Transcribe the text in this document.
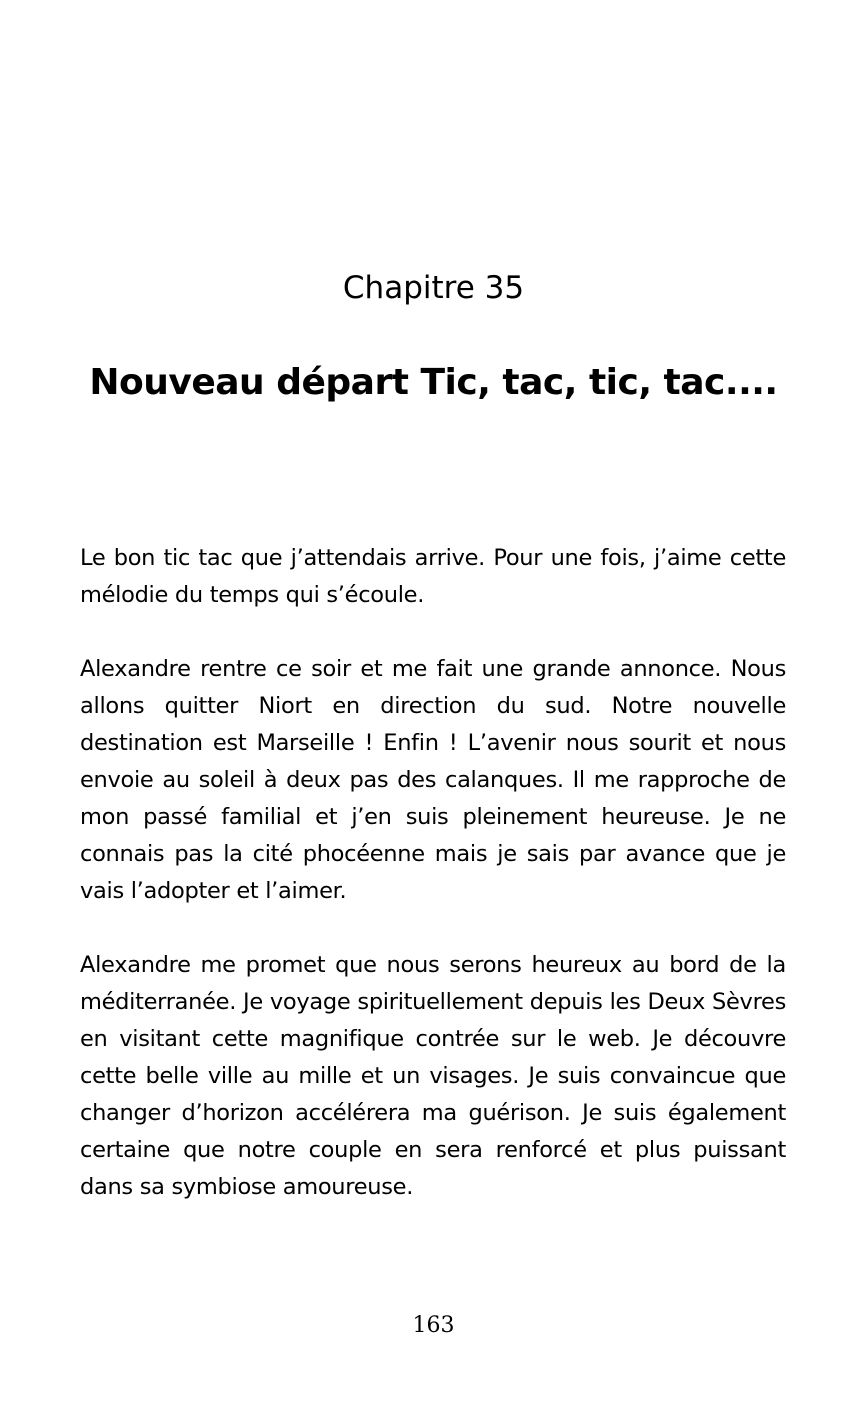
Chapitre 35
Nouveau départ Tic, tac, tic, tac....

Le bon tic tac que j’attendais arrive. Pour une fois, j’aime cette mélodie du temps qui s’écoule.

Alexandre rentre ce soir et me fait une grande annonce. Nous allons quitter Niort en direction du sud. Notre nouvelle destination est Marseille ! Enfin ! L’avenir nous sourit et nous envoie au soleil à deux pas des calanques. Il me rapproche de mon passé familial et j’en suis pleinement heureuse. Je ne connais pas la cité phocéenne mais je sais par avance que je vais l’adopter et l’aimer.

Alexandre me promet que nous serons heureux au bord de la méditerranée. Je voyage spirituellement depuis les Deux Sèvres en visitant cette magnifique contrée sur le web. Je découvre cette belle ville au mille et un visages. Je suis convaincue que changer d’horizon accélérera ma guérison. Je suis également certaine que notre couple en sera renforcé et plus puissant dans sa symbiose amoureuse.

163
